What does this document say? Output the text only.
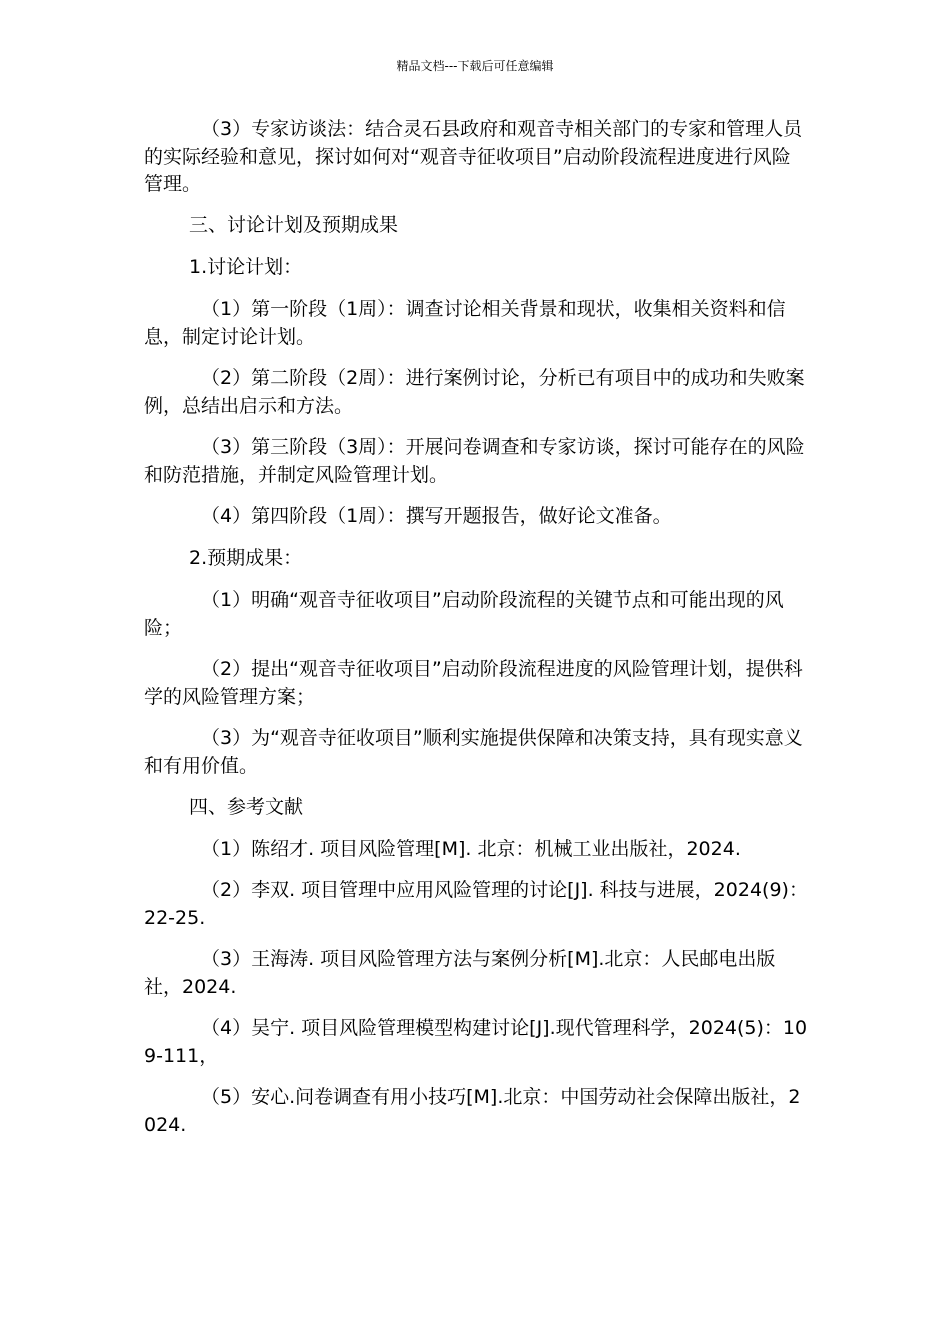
精品文档---下载后可任意编辑

（3）专家访谈法：结合灵石县政府和观音寺相关部门的专家和管理人员的实际经验和意见，探讨如何对“观音寺征收项目”启动阶段流程进度进行风险管理。

三、讨论计划及预期成果

1.讨论计划：

（1）第一阶段（1周）：调查讨论相关背景和现状，收集相关资料和信息，制定讨论计划。

（2）第二阶段（2周）：进行案例讨论，分析已有项目中的成功和失败案例，总结出启示和方法。

（3）第三阶段（3周）：开展问卷调查和专家访谈，探讨可能存在的风险和防范措施，并制定风险管理计划。

（4）第四阶段（1周）：撰写开题报告，做好论文准备。

2.预期成果：

（1）明确“观音寺征收项目”启动阶段流程的关键节点和可能出现的风险；

（2）提出“观音寺征收项目”启动阶段流程进度的风险管理计划，提供科学的风险管理方案；

（3）为“观音寺征收项目”顺利实施提供保障和决策支持，具有现实意义和有用价值。

四、参考文献

（1）陈绍才. 项目风险管理[M]. 北京：机械工业出版社，2024.

（2）李双. 项目管理中应用风险管理的讨论[J]. 科技与进展，2024(9)：22-25.

（3）王海涛. 项目风险管理方法与案例分析[M].北京：人民邮电出版社，2024.

（4）吴宁. 项目风险管理模型构建讨论[J].现代管理科学，2024(5)：109-111，

（5）安心.问卷调查有用小技巧[M].北京：中国劳动社会保障出版社，2024.
